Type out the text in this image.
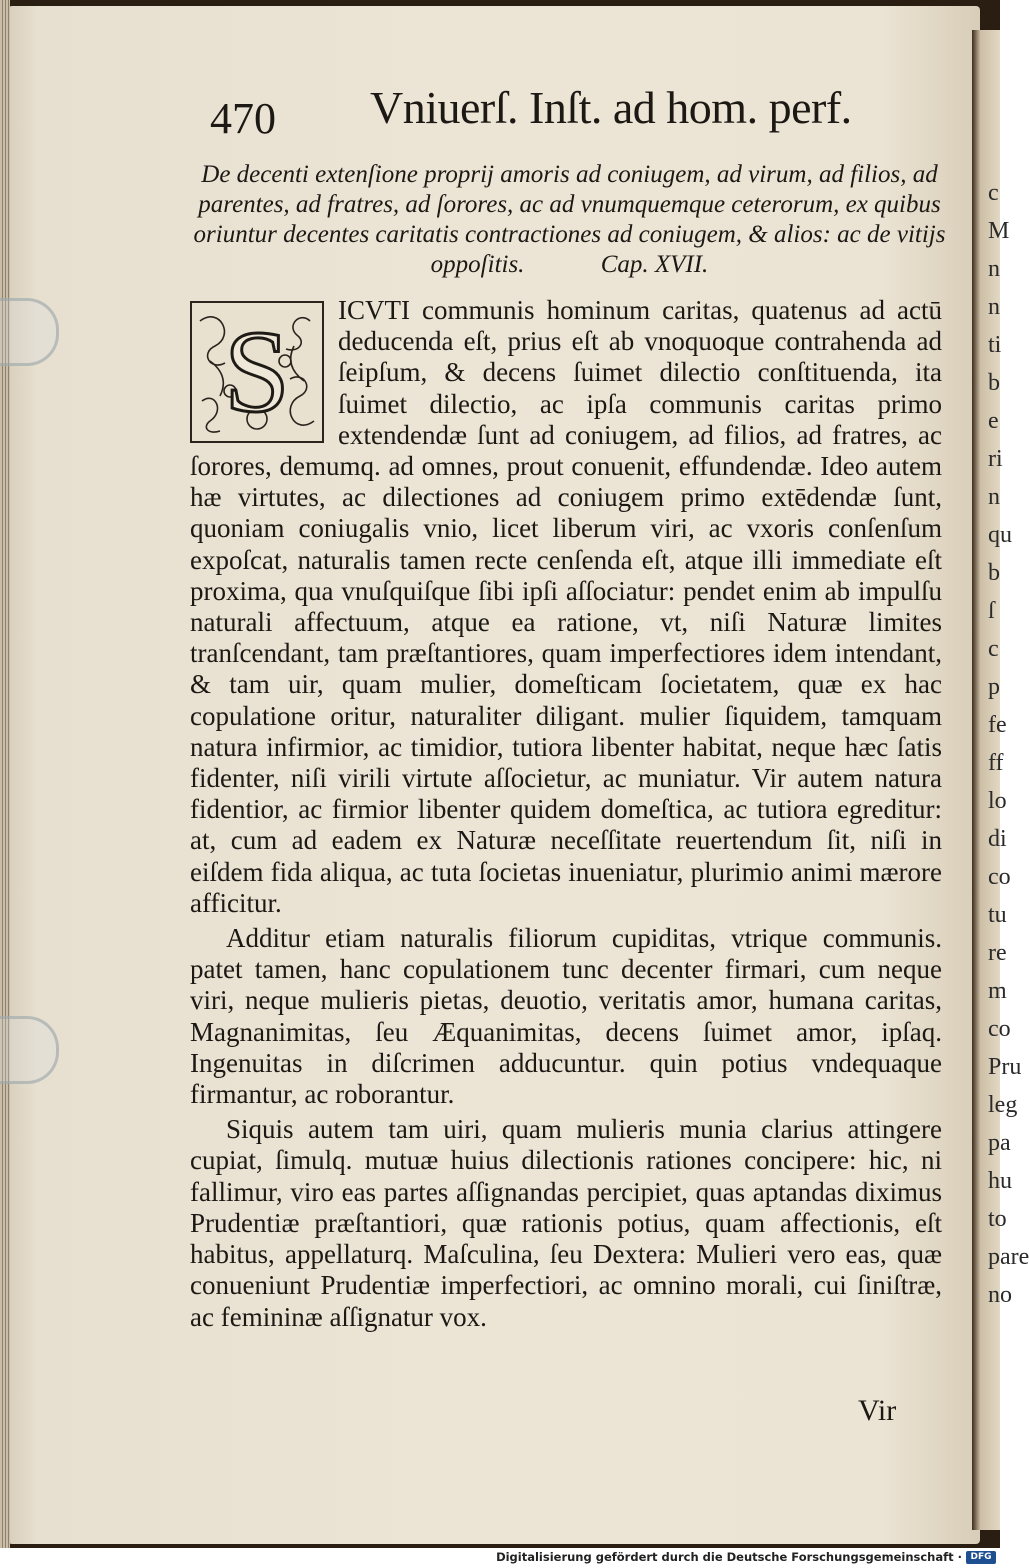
c
M
n
n
ti
b
e
ri
n
qu
b
ſ
c
p
fe
ff
lo
di
co
tu
re
m
co
Pru
leg
pa
hu
to
pare
no
470 Vniuerſ. Inſt. ad hom. perf.
De decenti extenſione proprij amoris ad coniugem, ad virum, ad filios, ad parentes, ad fratres, ad ſorores, ac ad vnumquemque ceterorum, ex quibus oriuntur decentes caritatis contractiones ad coniugem, & alios: ac de vitijs oppoſitis.	Cap. XVII.

S ICVTI communis hominum caritas, quatenus ad actū deducenda eſt, prius eſt ab vnoquoque contrahenda ad ſeipſum, & decens ſuimet dilectio conſtituenda, ita ſuimet dilectio, ac ipſa communis caritas primo extendendæ ſunt ad coniugem, ad filios, ad fratres, ac ſorores, demumq. ad omnes, prout conuenit, effundendæ. Ideo autem hæ virtutes, ac dilectiones ad coniugem primo extēdendæ ſunt, quoniam coniugalis vnio, licet liberum viri, ac vxoris conſenſum expoſcat, naturalis tamen recte cenſenda eſt, atque illi immediate eſt proxima, qua vnuſquiſque ſibi ipſi aſſociatur: pendet enim ab impulſu naturali affectuum, atque ea ratione, vt, niſi Naturæ limites tranſcendant, tam præſtantiores, quam imperfectiores idem intendant, & tam uir, quam mulier, domeſticam ſocietatem, quæ ex hac copulatione oritur, naturaliter diligant. mulier ſiquidem, tamquam natura infirmior, ac timidior, tutiora libenter habitat, neque hæc ſatis fidenter, niſi virili virtute aſſocietur, ac muniatur. Vir autem natura fidentior, ac firmior libenter quidem domeſtica, ac tutiora egreditur: at, cum ad eadem ex Naturæ neceſſitate reuertendum ſit, niſi in eiſdem fida aliqua, ac tuta ſocietas inueniatur, plurimio animi mærore afficitur.

Additur etiam naturalis filiorum cupiditas, vtrique communis. patet tamen, hanc copulationem tunc decenter firmari, cum neque viri, neque mulieris pietas, deuotio, veritatis amor, humana caritas, Magnanimitas, ſeu Æquanimitas, decens ſuimet amor, ipſaq. Ingenuitas in diſcrimen adducuntur. quin potius vndequaque firmantur, ac roborantur.

Siquis autem tam uiri, quam mulieris munia clarius attingere cupiat, ſimulq. mutuæ huius dilectionis rationes concipere: hic, ni fallimur, viro eas partes aſſignandas percipiet, quas aptandas diximus Prudentiæ præſtantiori, quæ rationis potius, quam affectionis, eſt habitus, appellaturq. Maſculina, ſeu Dextera: Mulieri vero eas, quæ conueniunt Prudentiæ imperfectiori, ac omnino morali, cui ſiniſtræ, ac femininæ aſſignatur vox.

Vir
Digitalisierung gefördert durch die Deutsche Forschungsgemeinschaft · DFG
